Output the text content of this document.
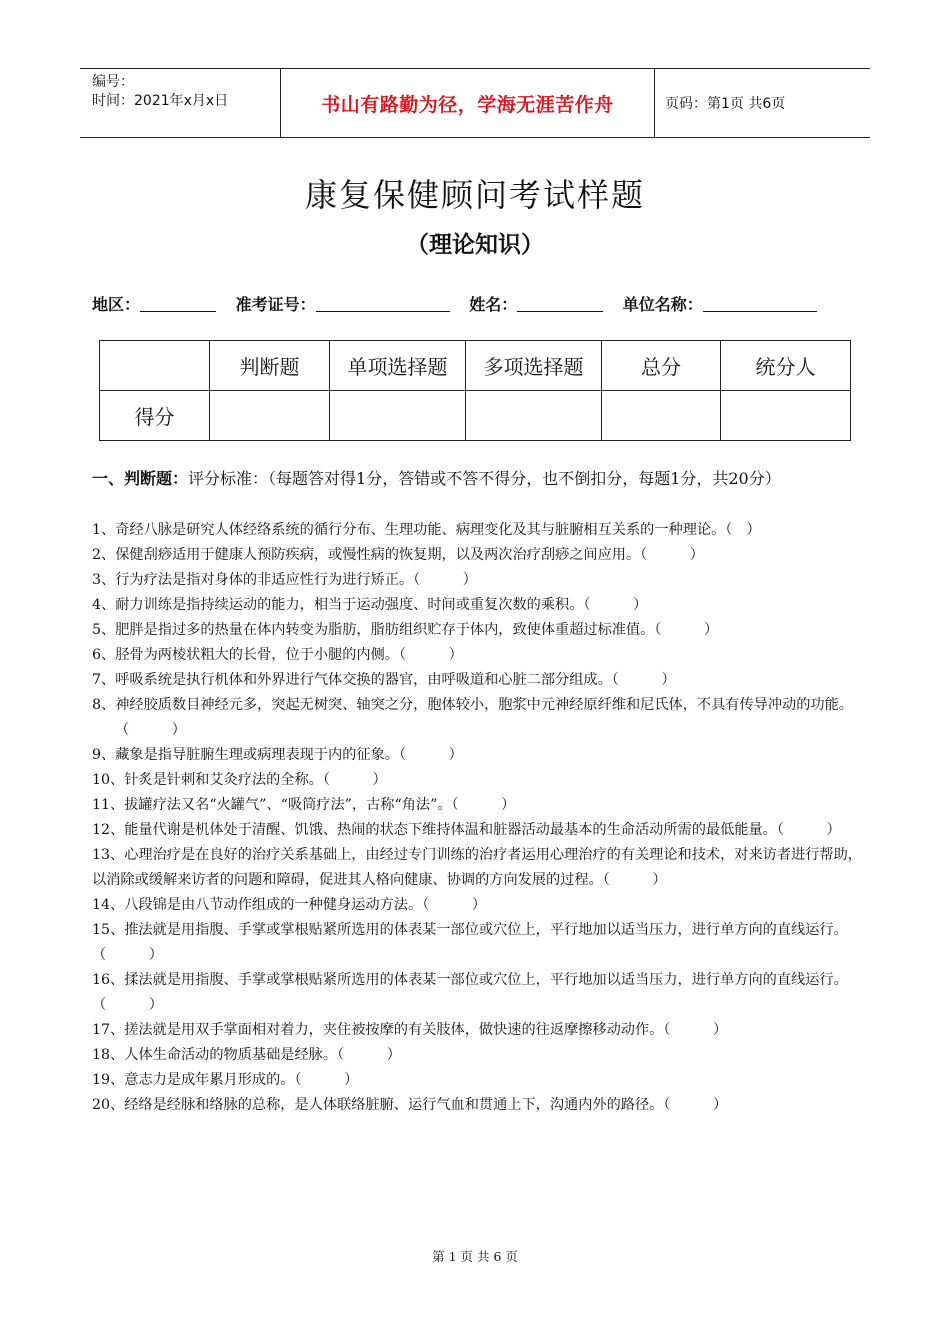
编号：
时间：2021年x月x日	书山有路勤为径，学海无涯苦作舟	页码：第1页 共6页
康复保健顾问考试样题
（理论知识）
地区：	准考证号：	姓名：	单位名称：
	判断题	单项选择题	多项选择题	总分	统分人
得分					
一、判断题：评分标准：（每题答对得1分，答错或不答不得分，也不倒扣分，每题1分，共20分）

1、奇经八脉是研究人体经络系统的循行分布、生理功能、病理变化及其与脏腑相互关系的一种理论。（　）

2、保健刮痧适用于健康人预防疾病，或慢性病的恢复期，以及两次治疗刮痧之间应用。（　　　）

3、行为疗法是指对身体的非适应性行为进行矫正。（　　　）

4、耐力训练是指持续运动的能力，相当于运动强度、时间或重复次数的乘积。（　　　）

5、肥胖是指过多的热量在体内转变为脂肪，脂肪组织贮存于体内，致使体重超过标准值。（　　　）

6、胫骨为两棱状粗大的长骨，位于小腿的内侧。（　　　）

7、呼吸系统是执行机体和外界进行气体交换的器官，由呼吸道和心脏二部分组成。（　　　）

8、神经胶质数目神经元多，突起无树突、轴突之分，胞体较小，胞浆中元神经原纤维和尼氏体，不具有传导冲动的功能。（　　　）

9、藏象是指导脏腑生理或病理表现于内的征象。（　　　）

10、针炙是针刺和艾灸疗法的全称。（　　　）

11、拔罐疗法又名“火罐气”、“吸筒疗法”，古称“角法”。（　　　）

12、能量代谢是机体处于清醒、饥饿、热闹的状态下维持体温和脏器活动最基本的生命活动所需的最低能量。（　　　）

13、心理治疗是在良好的治疗关系基础上，由经过专门训练的治疗者运用心理治疗的有关理论和技术，对来访者进行帮助，以消除或缓解来访者的问题和障碍，促进其人格向健康、协调的方向发展的过程。（　　　）

14、八段锦是由八节动作组成的一种健身运动方法。（　　　）

15、推法就是用指腹、手掌或掌根贴紧所选用的体表某一部位或穴位上，平行地加以适当压力，进行单方向的直线运行。（　　　）

16、揉法就是用指腹、手掌或掌根贴紧所选用的体表某一部位或穴位上，平行地加以适当压力，进行单方向的直线运行。（　　　）

17、搓法就是用双手掌面相对着力，夹住被按摩的有关肢体，做快速的往返摩擦移动动作。（　　　）

18、人体生命活动的物质基础是经脉。（　　　）

19、意志力是成年累月形成的。（　　　）

20、经络是经脉和络脉的总称，是人体联络脏腑、运行气血和贯通上下，沟通内外的路径。（　　　）

第 1 页 共 6 页
